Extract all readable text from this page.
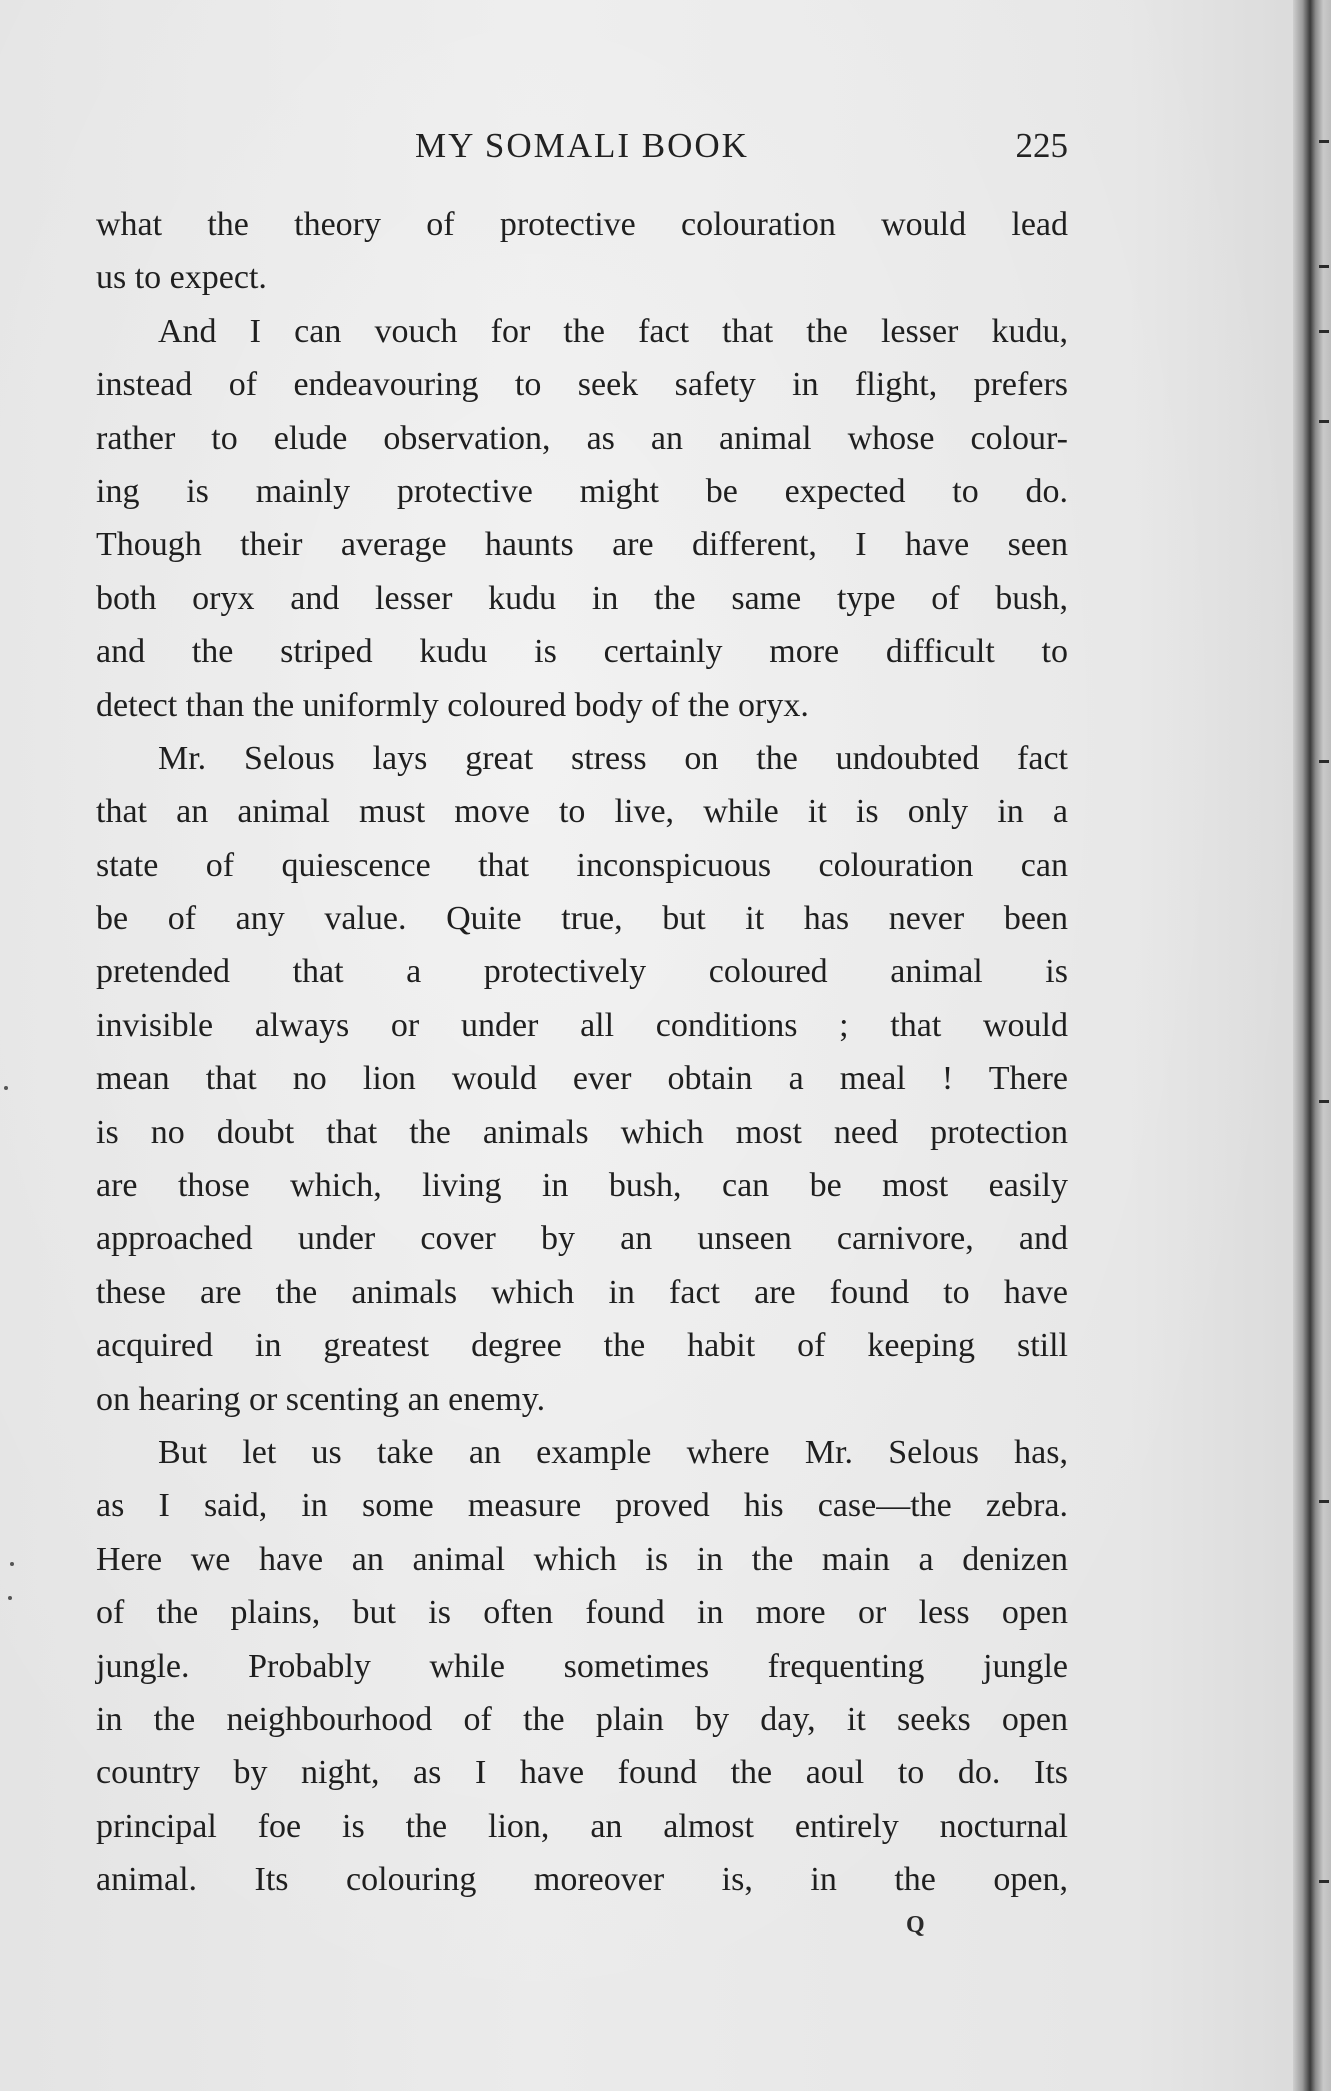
MY SOMALI BOOK	225
what the theory of protective colouration would lead
us to expect.
And I can vouch for the fact that the lesser kudu,
instead of endeavouring to seek safety in flight, prefers
rather to elude observation, as an animal whose colour-
ing is mainly protective might be expected to do.
Though their average haunts are different, I have seen
both oryx and lesser kudu in the same type of bush,
and the striped kudu is certainly more difficult to
detect than the uniformly coloured body of the oryx.
Mr. Selous lays great stress on the undoubted fact
that an animal must move to live, while it is only in a
state of quiescence that inconspicuous colouration can
be of any value. Quite true, but it has never been
pretended that a protectively coloured animal is
invisible always or under all conditions ; that would
mean that no lion would ever obtain a meal ! There
is no doubt that the animals which most need protection
are those which, living in bush, can be most easily
approached under cover by an unseen carnivore, and
these are the animals which in fact are found to have
acquired in greatest degree the habit of keeping still
on hearing or scenting an enemy.
But let us take an example where Mr. Selous has,
as I said, in some measure proved his case—the zebra.
Here we have an animal which is in the main a denizen
of the plains, but is often found in more or less open
jungle. Probably while sometimes frequenting jungle
in the neighbourhood of the plain by day, it seeks open
country by night, as I have found the aoul to do. Its
principal foe is the lion, an almost entirely nocturnal
animal. Its colouring moreover is, in the open,
Q
